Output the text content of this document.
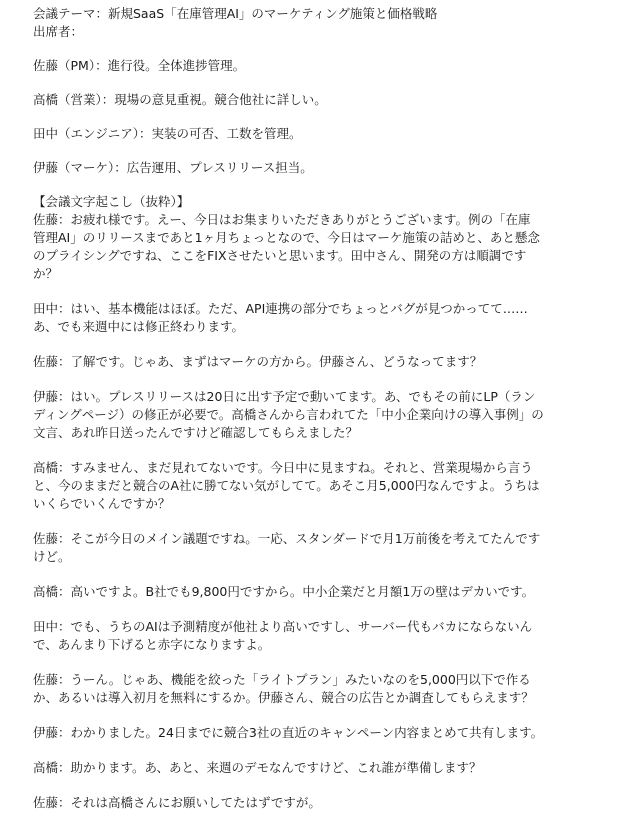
会議テーマ：新規SaaS「在庫管理AI」のマーケティング施策と価格戦略
出席者：
佐藤（PM）：進行役。全体進捗管理。
高橋（営業）：現場の意見重視。競合他社に詳しい。
田中（エンジニア）：実装の可否、工数を管理。
伊藤（マーケ）：広告運用、プレスリリース担当。
【会議文字起こし（抜粋）】
佐藤：お疲れ様です。えー、今日はお集まりいただきありがとうございます。例の「在庫
管理AI」のリリースまであと1ヶ月ちょっとなので、今日はマーケ施策の詰めと、あと懸念
のプライシングですね、ここをFIXさせたいと思います。田中さん、開発の方は順調です
か？
田中：はい、基本機能はほぼ。ただ、API連携の部分でちょっとバグが見つかってて……
あ、でも来週中には修正終わります。
佐藤：了解です。じゃあ、まずはマーケの方から。伊藤さん、どうなってます？
伊藤：はい。プレスリリースは20日に出す予定で動いてます。あ、でもその前にLP（ラン
ディングページ）の修正が必要で。高橋さんから言われてた「中小企業向けの導入事例」の
文言、あれ昨日送ったんですけど確認してもらえました？
高橋：すみません、まだ見れてないです。今日中に見ますね。それと、営業現場から言う
と、今のままだと競合のA社に勝てない気がしてて。あそこ月5,000円なんですよ。うちは
いくらでいくんですか？
佐藤：そこが今日のメイン議題ですね。一応、スタンダードで月1万前後を考えてたんです
けど。
高橋：高いですよ。B社でも9,800円ですから。中小企業だと月額1万の壁はデカいです。
田中：でも、うちのAIは予測精度が他社より高いですし、サーバー代もバカにならないん
で、あんまり下げると赤字になりますよ。
佐藤：うーん。じゃあ、機能を絞った「ライトプラン」みたいなのを5,000円以下で作る
か、あるいは導入初月を無料にするか。伊藤さん、競合の広告とか調査してもらえます？
伊藤：わかりました。24日までに競合3社の直近のキャンペーン内容まとめて共有します。
高橋：助かります。あ、あと、来週のデモなんですけど、これ誰が準備します？
佐藤：それは高橋さんにお願いしてたはずですが。
